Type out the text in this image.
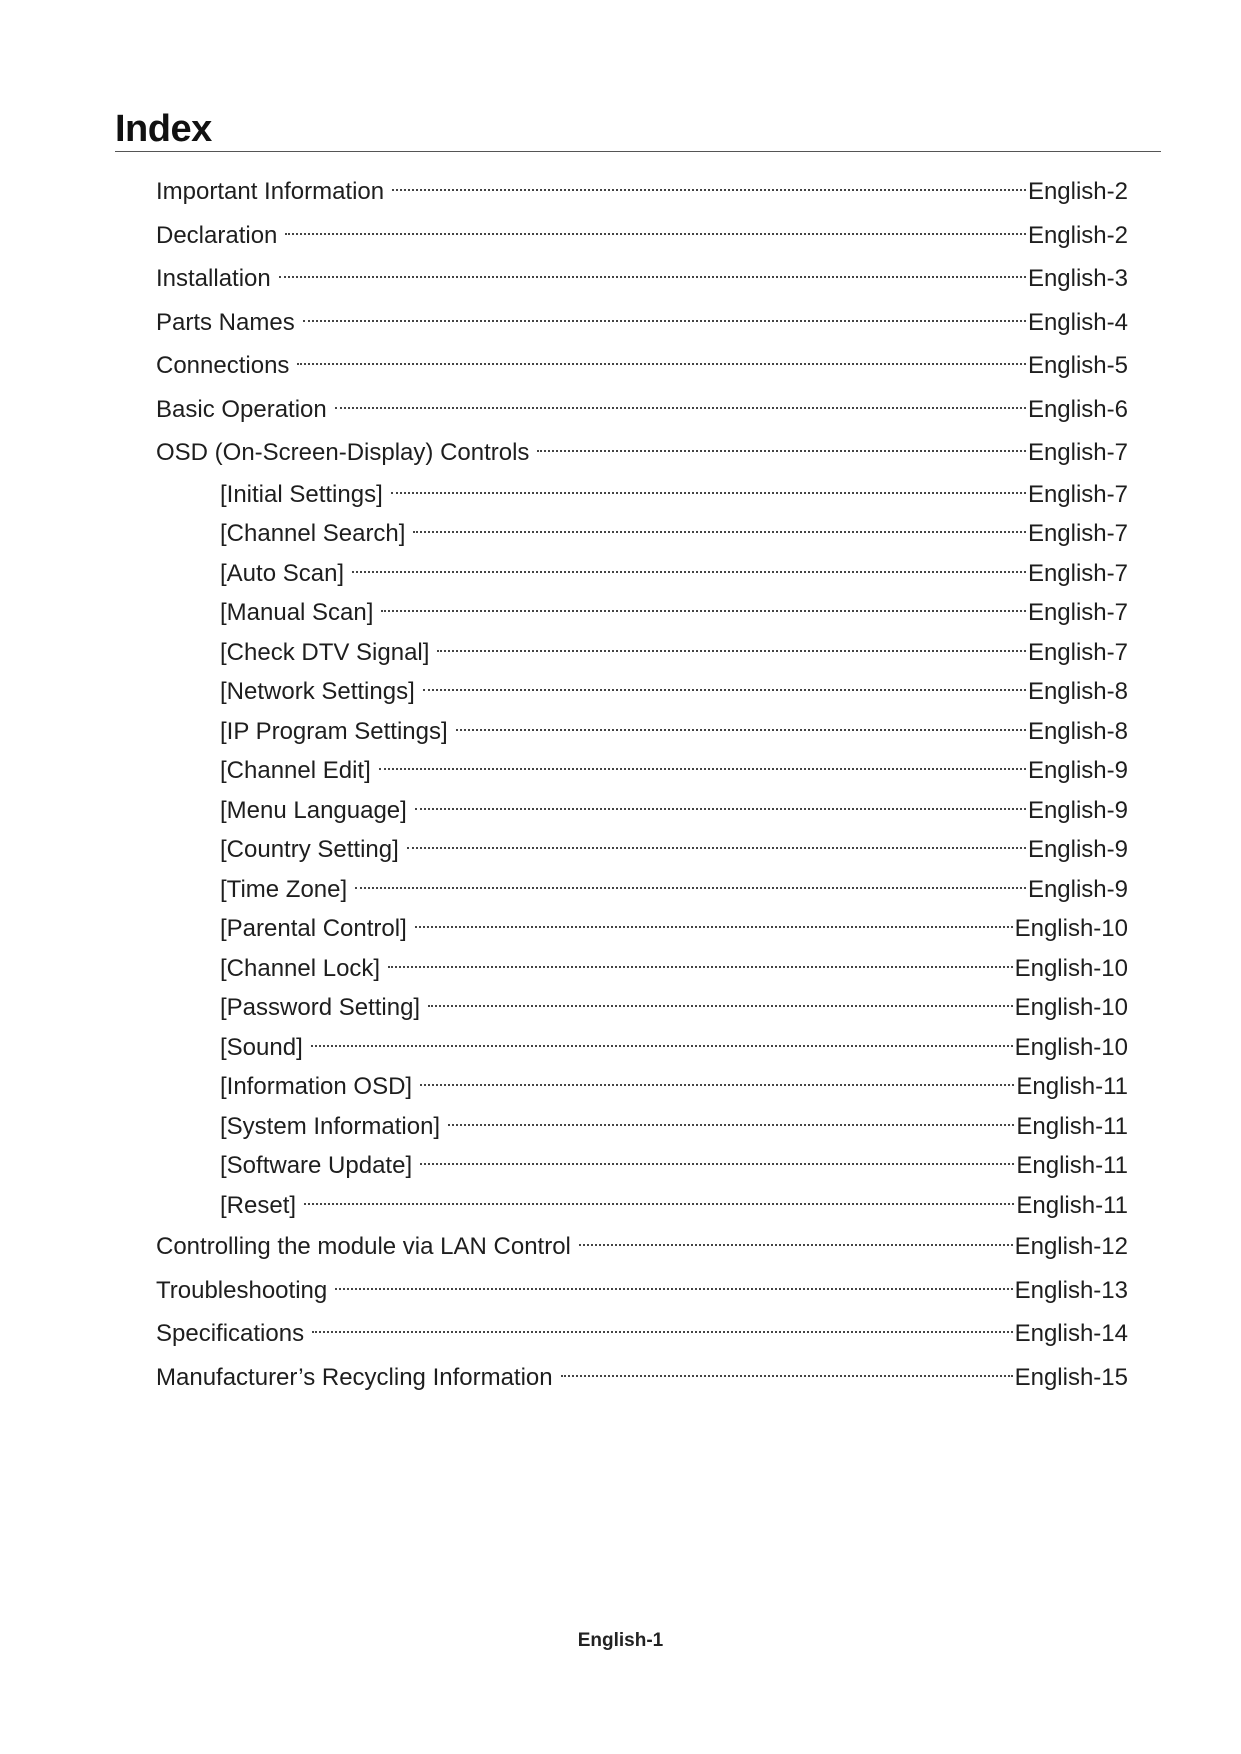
Index
Important Information	English-2
Declaration	English-2
Installation	English-3
Parts Names	English-4
Connections	English-5
Basic Operation	English-6
OSD (On-Screen-Display) Controls	English-7
[Initial Settings]	English-7
[Channel Search]	English-7
[Auto Scan]	English-7
[Manual Scan]	English-7
[Check DTV Signal]	English-7
[Network Settings]	English-8
[IP Program Settings]	English-8
[Channel Edit]	English-9
[Menu Language]	English-9
[Country Setting]	English-9
[Time Zone]	English-9
[Parental Control]	English-10
[Channel Lock]	English-10
[Password Setting]	English-10
[Sound]	English-10
[Information OSD]	English-11
[System Information]	English-11
[Software Update]	English-11
[Reset]	English-11
Controlling the module via LAN Control	English-12
Troubleshooting	English-13
Specifications	English-14
Manufacturer’s Recycling Information	English-15
English-1
